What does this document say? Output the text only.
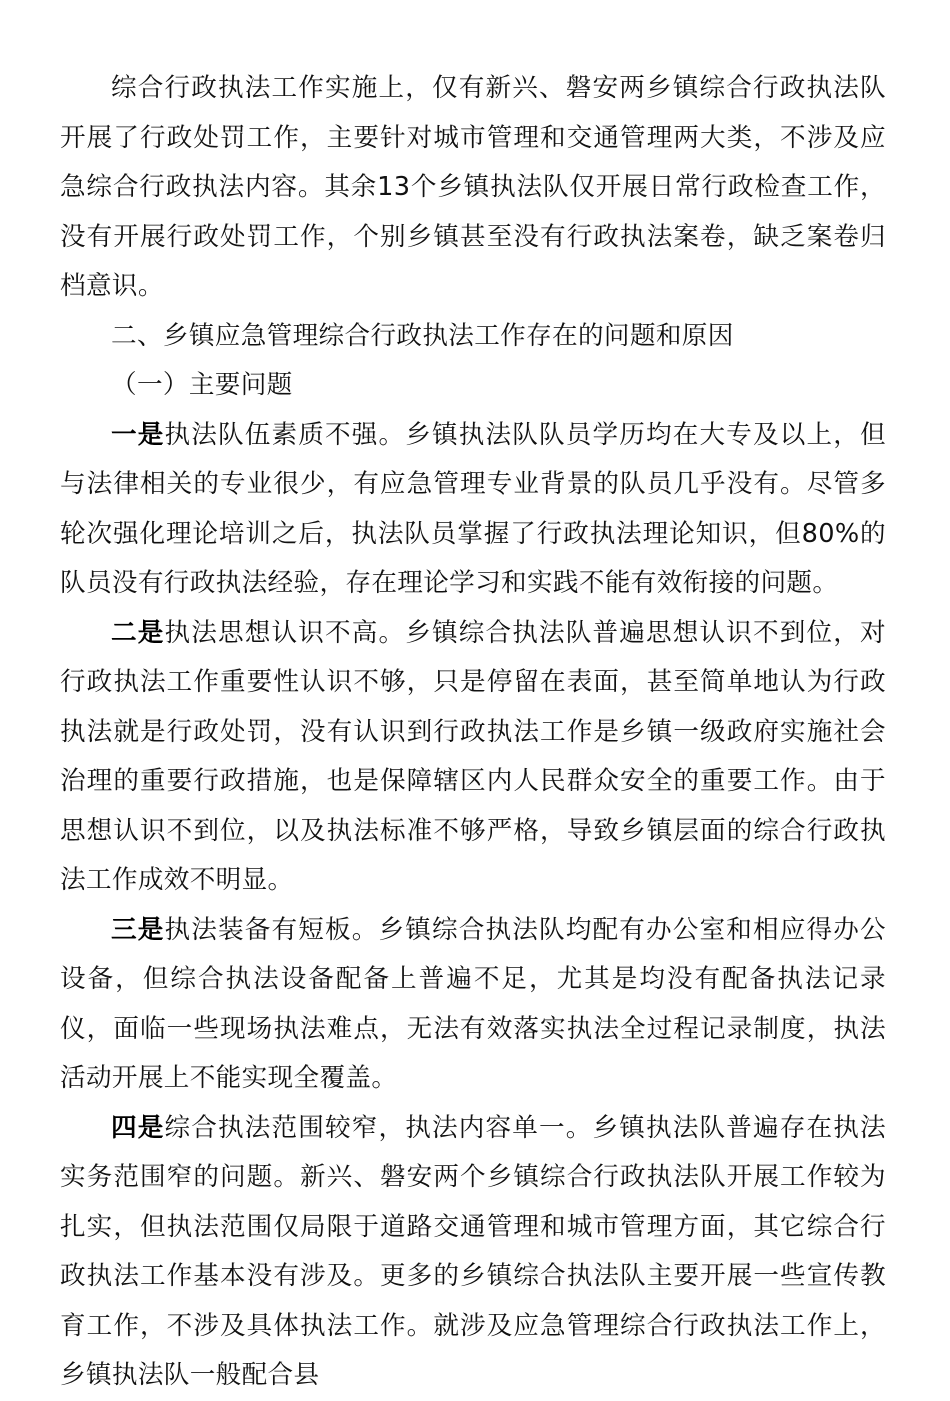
综合行政执法工作实施上，仅有新兴、磐安两乡镇综合行政执法队开展了行政处罚工作，主要针对城市管理和交通管理两大类，不涉及应急综合行政执法内容。其余13个乡镇执法队仅开展日常行政检查工作，没有开展行政处罚工作，个别乡镇甚至没有行政执法案卷，缺乏案卷归档意识。

二、乡镇应急管理综合行政执法工作存在的问题和原因

（一）主要问题

一是执法队伍素质不强。乡镇执法队队员学历均在大专及以上，但与法律相关的专业很少，有应急管理专业背景的队员几乎没有。尽管多轮次强化理论培训之后，执法队员掌握了行政执法理论知识，但80%的队员没有行政执法经验，存在理论学习和实践不能有效衔接的问题。

二是执法思想认识不高。乡镇综合执法队普遍思想认识不到位，对行政执法工作重要性认识不够，只是停留在表面，甚至简单地认为行政执法就是行政处罚，没有认识到行政执法工作是乡镇一级政府实施社会治理的重要行政措施，也是保障辖区内人民群众安全的重要工作。由于思想认识不到位，以及执法标准不够严格，导致乡镇层面的综合行政执法工作成效不明显。

三是执法装备有短板。乡镇综合执法队均配有办公室和相应得办公设备，但综合执法设备配备上普遍不足，尤其是均没有配备执法记录仪，面临一些现场执法难点，无法有效落实执法全过程记录制度，执法活动开展上不能实现全覆盖。

四是综合执法范围较窄，执法内容单一。乡镇执法队普遍存在执法实务范围窄的问题。新兴、磐安两个乡镇综合行政执法队开展工作较为扎实，但执法范围仅局限于道路交通管理和城市管理方面，其它综合行政执法工作基本没有涉及。更多的乡镇综合执法队主要开展一些宣传教育工作，不涉及具体执法工作。就涉及应急管理综合行政执法工作上，乡镇执法队一般配合县
